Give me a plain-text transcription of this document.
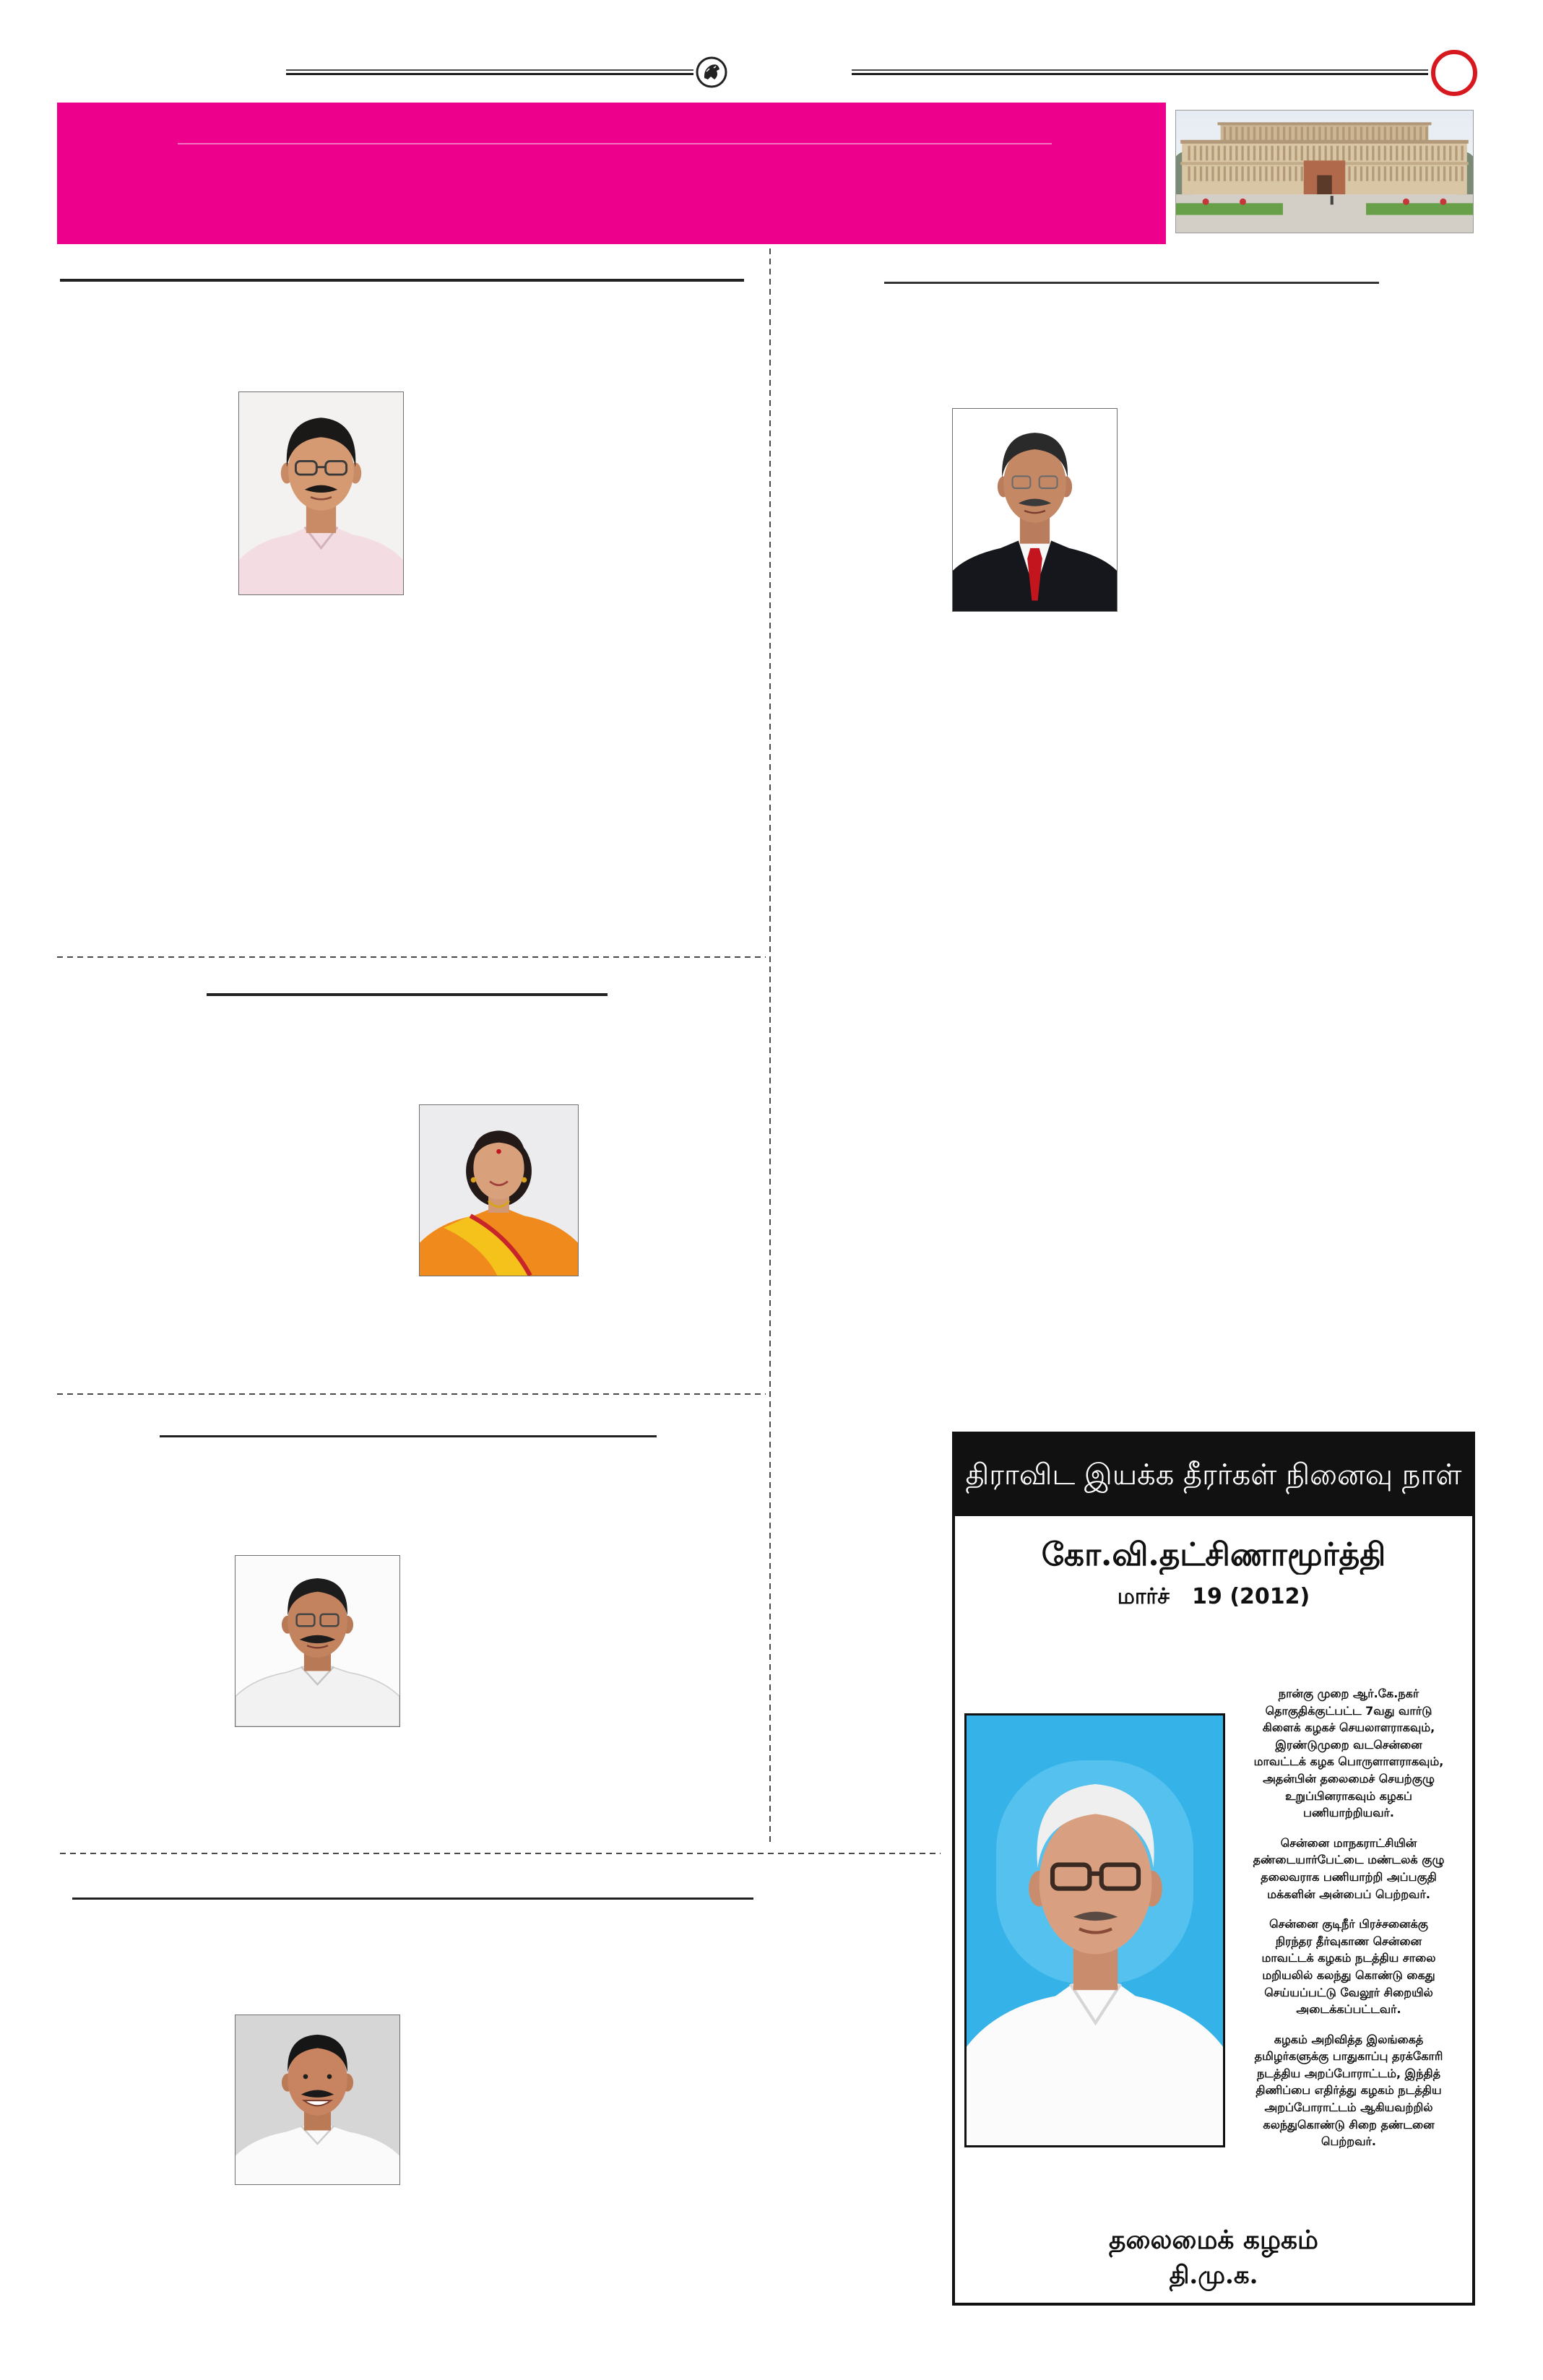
திராவிட இயக்க தீரர்கள் நினைவு நாள்
கோ.வி.தட்சிணாமூர்த்தி
மார்ச்   19 (2012)
நான்கு முறை ஆர்.கே.நகர்
தொகுதிக்குட்பட்ட 7வது வார்டு
கிளைக் கழகச் செயலாளராகவும்,
இரண்டுமுறை வடசென்னை
மாவட்டக் கழக பொருளாளராகவும்,
அதன்பின் தலைமைச் செயற்குழு
உறுப்பினராகவும் கழகப்
பணியாற்றியவர்.
சென்னை மாநகராட்சியின்
தண்டையார்பேட்டை மண்டலக் குழு
தலைவராக பணியாற்றி அப்பகுதி
மக்களின் அன்பைப் பெற்றவர்.
சென்னை குடிநீர் பிரச்சனைக்கு
நிரந்தர தீர்வுகாண சென்னை
மாவட்டக் கழகம் நடத்திய சாலை
மறியலில் கலந்து கொண்டு கைது
செய்யப்பட்டு வேலூர் சிறையில்
அடைக்கப்பட்டவர்.
கழகம் அறிவித்த இலங்கைத்
தமிழர்களுக்கு பாதுகாப்பு தரக்கோரி
நடத்திய அறப்போராட்டம், இந்தித்
திணிப்பை எதிர்த்து கழகம் நடத்திய
அறப்போராட்டம் ஆகியவற்றில்
கலந்துகொண்டு சிறை தண்டனை
பெற்றவர்.
தலைமைக் கழகம்
தி.மு.க.
